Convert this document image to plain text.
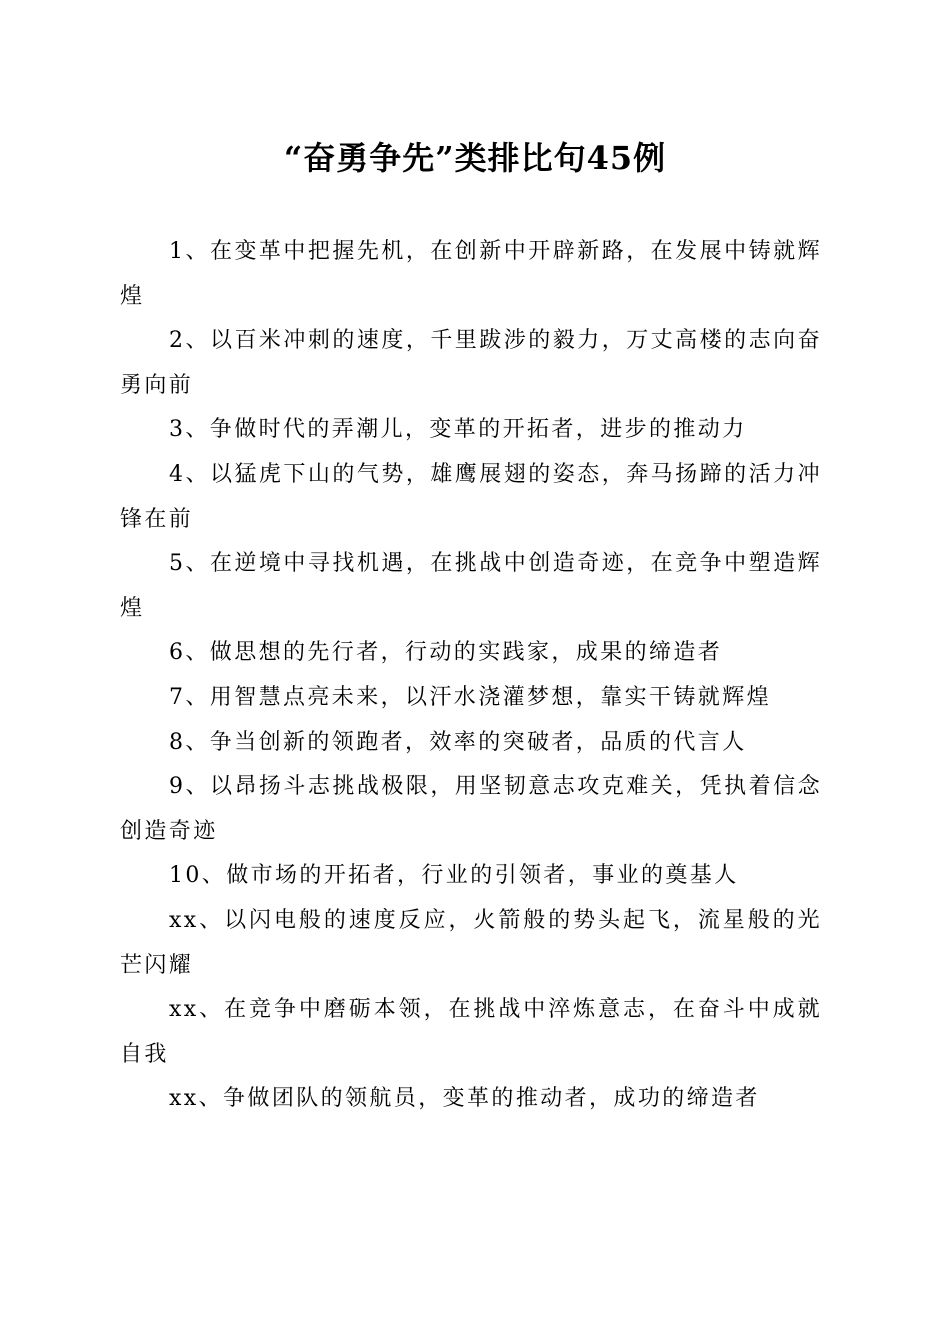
“奋勇争先”类排比句45例

1、在变革中把握先机，在创新中开辟新路，在发展中铸就辉煌

2、以百米冲刺的速度，千里跋涉的毅力，万丈高楼的志向奋勇向前

3、争做时代的弄潮儿，变革的开拓者，进步的推动力

4、以猛虎下山的气势，雄鹰展翅的姿态，奔马扬蹄的活力冲锋在前

5、在逆境中寻找机遇，在挑战中创造奇迹，在竞争中塑造辉煌

6、做思想的先行者，行动的实践家，成果的缔造者

7、用智慧点亮未来，以汗水浇灌梦想，靠实干铸就辉煌

8、争当创新的领跑者，效率的突破者，品质的代言人

9、以昂扬斗志挑战极限，用坚韧意志攻克难关，凭执着信念创造奇迹

10、做市场的开拓者，行业的引领者，事业的奠基人

xx、以闪电般的速度反应，火箭般的势头起飞，流星般的光芒闪耀

xx、在竞争中磨砺本领，在挑战中淬炼意志，在奋斗中成就自我

xx、争做团队的领航员，变革的推动者，成功的缔造者
